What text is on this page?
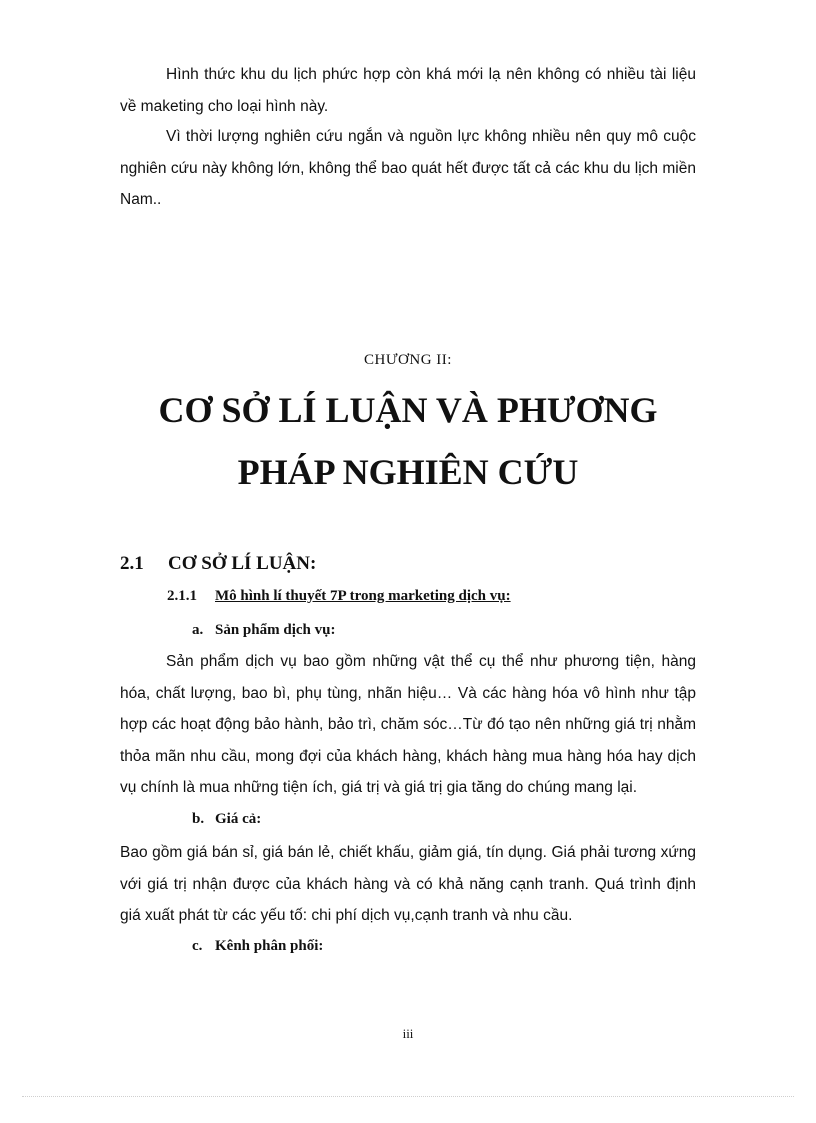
Hình thức khu du lịch phức hợp còn khá mới lạ nên không có nhiều tài liệu về maketing cho loại hình này.

Vì thời lượng nghiên cứu ngắn và nguồn lực không nhiều nên quy mô cuộc nghiên cứu này không lớn, không thể bao quát hết được tất cả các khu du lịch miền Nam..

CHƯƠNG II:
CƠ SỞ LÍ LUẬN VÀ PHƯƠNG
PHÁP NGHIÊN CỨU
2.1 CƠ SỞ LÍ LUẬN:
2.1.1 Mô hình lí thuyết 7P trong marketing dịch vụ:
a. Sản phẩm dịch vụ:

Sản phẩm dịch vụ bao gồm những vật thể cụ thể như phương tiện, hàng hóa, chất lượng, bao bì, phụ tùng, nhãn hiệu… Và các hàng hóa vô hình như tập hợp các hoạt động bảo hành, bảo trì, chăm sóc…Từ đó tạo nên những giá trị nhằm thỏa mãn nhu cầu, mong đợi của khách hàng, khách hàng mua hàng hóa hay dịch vụ chính là mua những tiện ích, giá trị và giá trị gia tăng do chúng mang lại.

b. Giá cả:

Bao gồm giá bán sỉ, giá bán lẻ, chiết khấu, giảm giá, tín dụng. Giá phải tương xứng với giá trị nhận được của khách hàng và có khả năng cạnh tranh. Quá trình định giá xuất phát từ các yếu tố: chi phí dịch vụ,cạnh tranh và nhu cầu.

c. Kênh phân phối:
iii
